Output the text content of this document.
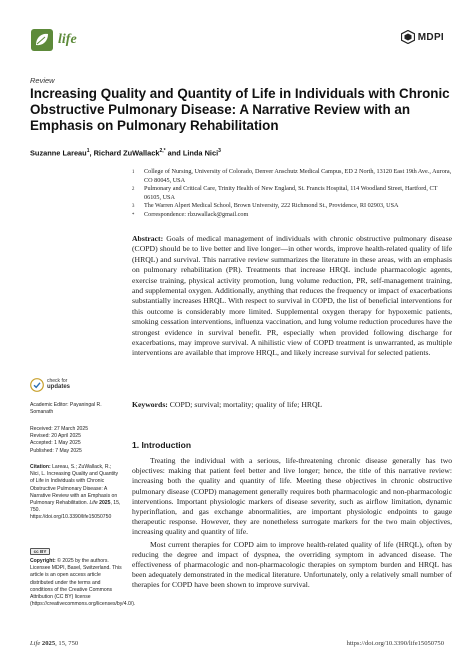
life	MDPI
Review
Increasing Quality and Quantity of Life in Individuals with Chronic Obstructive Pulmonary Disease: A Narrative Review with an Emphasis on Pulmonary Rehabilitation
Suzanne Lareau$^1$, Richard ZuWallack$^{2,*}$ and Linda Nici$^3$
1	College of Nursing, University of Colorado, Denver Anschutz Medical Campus, ED 2 North, 13120 East 19th Ave., Aurora, CO 80045, USA
2	Pulmonary and Critical Care, Trinity Health of New England, St. Francis Hospital, 114 Woodland Street, Hartford, CT 06105, USA
3	The Warren Alpert Medical School, Brown University, 222 Richmond St., Providence, RI 02903, USA
*	Correspondence: rlzuwallack@gmail.com
Abstract: Goals of medical management of individuals with chronic obstructive pulmonary disease (COPD) should be to live better and live longer—in other words, improve health-related quality of life (HRQL) and survival. This narrative review summarizes the literature in these areas, with an emphasis on pulmonary rehabilitation (PR). Treatments that increase HRQL include pharmacologic agents, exercise training, physical activity promotion, lung volume reduction, PR, self-management training, and supplemental oxygen. Additionally, anything that reduces the frequency or impact of exacerbations substantially increases HRQL. With respect to survival in COPD, the list of beneficial interventions for this outcome is considerably more limited. Supplemental oxygen therapy for hypoxemic patients, smoking cessation interventions, influenza vaccination, and lung volume reduction procedures have the strongest evidence in survival benefit. PR, especially when provided following discharge for exacerbations, may improve survival. A nihilistic view of COPD treatment is unwarranted, as multiple interventions are available that improve HRQL, and likely increase survival for selected patients.
Keywords: COPD; survival; mortality; quality of life; HRQL
1. Introduction

Treating the individual with a serious, life-threatening chronic disease generally has two objectives: making that patient feel better and live longer; hence, the title of this narrative review: increasing both the quality and quantity of life. Meeting these objectives in chronic obstructive pulmonary disease (COPD) management generally requires both pharmacologic and non-pharmacologic interventions. Important physiologic markers of disease severity, such as airflow limitation, dynamic hyperinflation, and gas exchange abnormalities, are important physiologic endpoints to gauge therapeutic response. However, they are nonetheless surrogate markers for the two main objectives, increasing quality and quantity of life.

Most current therapies for COPD aim to improve health-related quality of life (HRQL), often by reducing the degree and impact of dyspnea, the overriding symptom in advanced disease. The effectiveness of pharmacologic and non-pharmacologic therapies on symptom burden and HRQL has been adequately demonstrated in the medical literature. Unfortunately, only a relatively small number of therapies for COPD have been shown to improve survival.

check for
updates
Academic Editor: Payaningal R. Somanath
Received: 27 March 2025
Revised: 20 April 2025
Accepted: 1 May 2025
Published: 7 May 2025
Citation: Lareau, S.; ZuWallack, R.; Nici, L. Increasing Quality and Quantity of Life in Individuals with Chronic Obstructive Pulmonary Disease: A Narrative Review with an Emphasis on Pulmonary Rehabilitation. Life 2025, 15, 750. https://doi.org/10.3390/life15050750
cc BY
Copyright: © 2025 by the authors. Licensee MDPI, Basel, Switzerland. This article is an open access article distributed under the terms and conditions of the Creative Commons Attribution (CC BY) license (https://creativecommons.org/licenses/by/4.0/).
Life 2025, 15, 750	https://doi.org/10.3390/life15050750
